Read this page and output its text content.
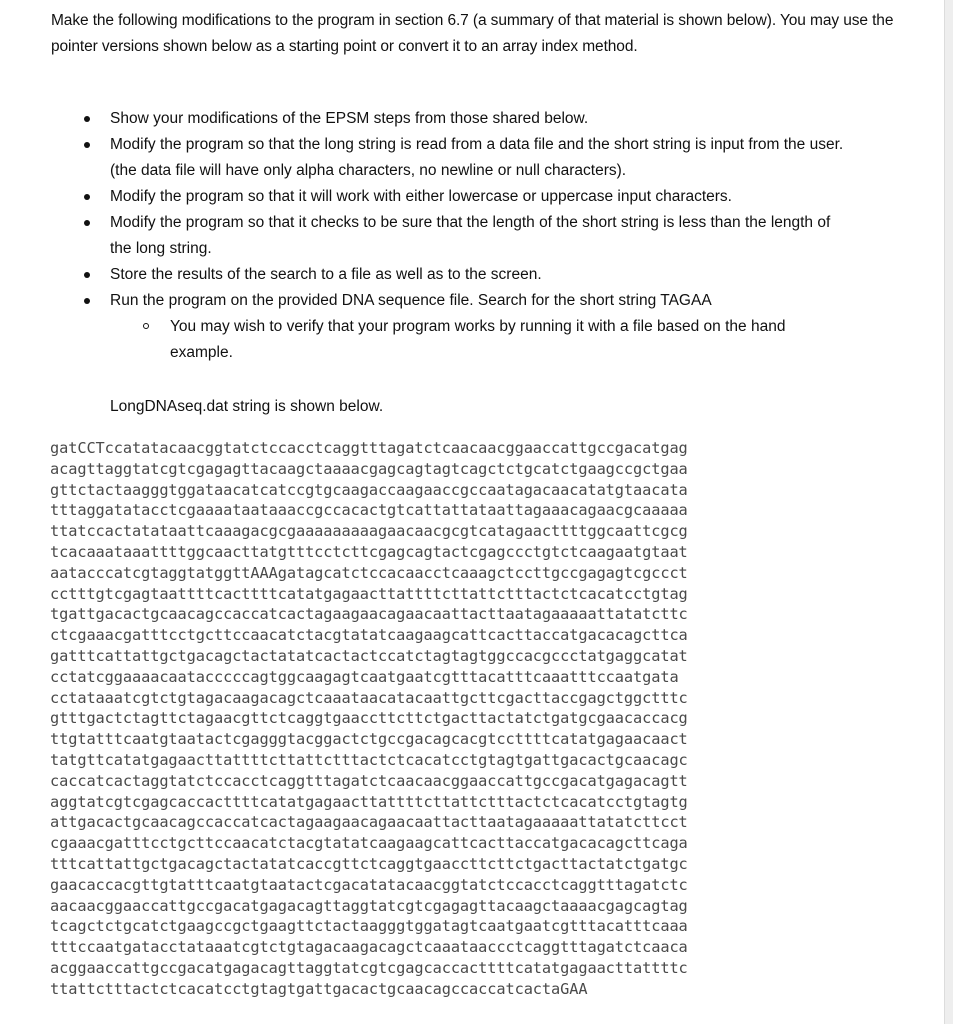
Make the following modifications to the program in section 6.7 (a summary of that material is shown below). You may use the pointer versions shown below as a starting point or convert it to an array index method.

Show your modifications of the EPSM steps from those shared below.
Modify the program so that the long string is read from a data file and the short string is input from the user. (the data file will have only alpha characters, no newline or null characters).
Modify the program so that it will work with either lowercase or uppercase input characters.
Modify the program so that it checks to be sure that the length of the short string is less than the length of the long string.
Store the results of the search to a file as well as to the screen.
Run the program on the provided DNA sequence file. Search for the short string TAGAA
You may wish to verify that your program works by running it with a file based on the hand example.

LongDNAseq.dat string is shown below.

gatCCTccatatacaacggtatctccacctcaggtttagatctcaacaacggaaccattgccgacatgag
acagttaggtatcgtcgagagttacaagctaaaacgagcagtagtcagctctgcatctgaagccgctgaa
gttctactaagggtggataacatcatccgtgcaagaccaagaaccgccaatagacaacatatgtaacata
tttaggatatacctcgaaaataataaaccgccacactgtcattattataattagaaacagaacgcaaaaa
ttatccactatataattcaaagacgcgaaaaaaaaagaacaacgcgtcatagaacttttggcaattcgcg
tcacaaataaattttggcaacttatgtttcctcttcgagcagtactcgagccctgtctcaagaatgtaat
aatacccatcgtaggtatggttAAAgatagcatctccacaacctcaaagctccttgccgagagtcgccct
cctttgtcgagtaattttcacttttcatatgagaacttattttcttattctttactctcacatcctgtag
tgattgacactgcaacagccaccatcactagaagaacagaacaattacttaatagaaaaattatatcttc
ctcgaaacgatttcctgcttccaacatctacgtatatcaagaagcattcacttaccatgacacagcttca
gatttcattattgctgacagctactatatcactactccatctagtagtggccacgccctatgaggcatat
cctatcggaaaacaatacccccagtggcaagagtcaatgaatcgtttacatttcaaatttccaatgata
cctataaatcgtctgtagacaagacagctcaaataacatacaattgcttcgacttaccgagctggctttc
gtttgactctagttctagaacgttctcaggtgaaccttcttctgacttactatctgatgcgaacaccacg
ttgtatttcaatgtaatactcgagggtacggactctgccgacagcacgtccttttcatatgagaacaact
tatgttcatatgagaacttattttcttattctttactctcacatcctgtagtgattgacactgcaacagc
caccatcactaggtatctccacctcaggtttagatctcaacaacggaaccattgccgacatgagacagtt
aggtatcgtcgagcaccacttttcatatgagaacttattttcttattctttactctcacatcctgtagtg
attgacactgcaacagccaccatcactagaagaacagaacaattacttaatagaaaaattatatcttcct
cgaaacgatttcctgcttccaacatctacgtatatcaagaagcattcacttaccatgacacagcttcaga
tttcattattgctgacagctactatatcaccgttctcaggtgaaccttcttctgacttactatctgatgc
gaacaccacgttgtatttcaatgtaatactcgacatatacaacggtatctccacctcaggtttagatctc
aacaacggaaccattgccgacatgagacagttaggtatcgtcgagagttacaagctaaaacgagcagtag
tcagctctgcatctgaagccgctgaagttctactaagggtggatagtcaatgaatcgtttacatttcaaa
tttccaatgatacctataaatcgtctgtagacaagacagctcaaataaccctcaggtttagatctcaaca
acggaaccattgccgacatgagacagttaggtatcgtcgagcaccacttttcatatgagaacttattttc
ttattctttactctcacatcctgtagtgattgacactgcaacagccaccatcactaGAA
